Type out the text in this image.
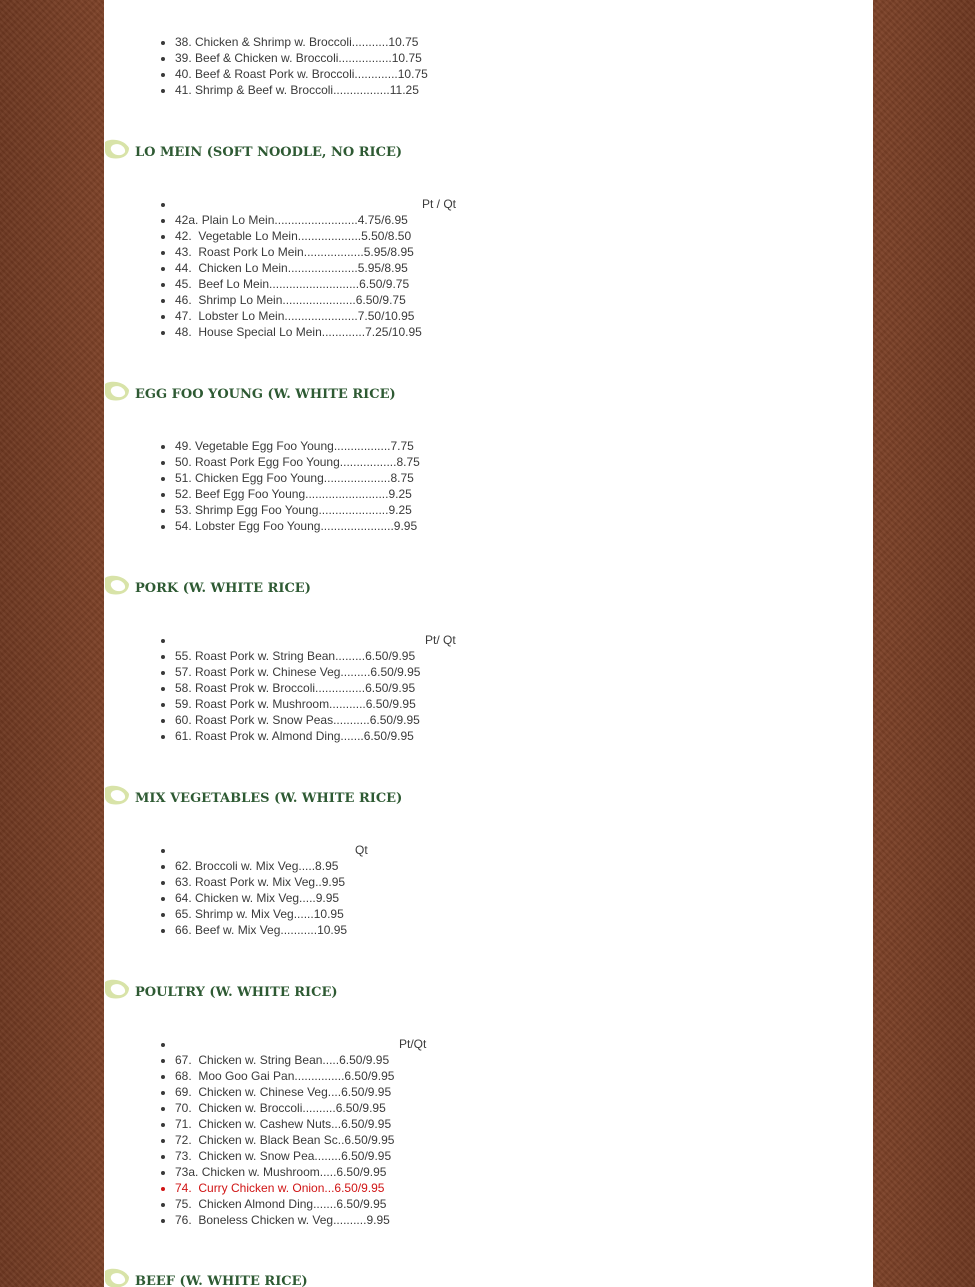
• 38. Chicken & Shrimp w. Broccoli...........10.75
• 39. Beef & Chicken w. Broccoli................10.75
• 40. Beef & Roast Pork w. Broccoli.............10.75
• 41. Shrimp & Beef w. Broccoli.................11.25
LO MEIN (SOFT NOODLE, NO RICE)
• Pt / Qt
• 42a. Plain Lo Mein.........................4.75/6.95
• 42.  Vegetable Lo Mein...................5.50/8.50
• 43.  Roast Pork Lo Mein..................5.95/8.95
• 44.  Chicken Lo Mein.....................5.95/8.95
• 45.  Beef Lo Mein...........................6.50/9.75
• 46.  Shrimp Lo Mein......................6.50/9.75
• 47.  Lobster Lo Mein......................7.50/10.95
• 48.  House Special Lo Mein.............7.25/10.95
EGG FOO YOUNG (W. WHITE RICE)
• 49. Vegetable Egg Foo Young.................7.75
• 50. Roast Pork Egg Foo Young.................8.75
• 51. Chicken Egg Foo Young....................8.75
• 52. Beef Egg Foo Young.........................9.25
• 53. Shrimp Egg Foo Young.....................9.25
• 54. Lobster Egg Foo Young......................9.95
PORK (W. WHITE RICE)
• Pt/ Qt
• 55. Roast Pork w. String Bean.........6.50/9.95
• 57. Roast Pork w. Chinese Veg.........6.50/9.95
• 58. Roast Prok w. Broccoli...............6.50/9.95
• 59. Roast Pork w. Mushroom...........6.50/9.95
• 60. Roast Pork w. Snow Peas...........6.50/9.95
• 61. Roast Prok w. Almond Ding.......6.50/9.95
MIX VEGETABLES (W. WHITE RICE)
• Qt
• 62. Broccoli w. Mix Veg.....8.95
• 63. Roast Pork w. Mix Veg..9.95
• 64. Chicken w. Mix Veg.....9.95
• 65. Shrimp w. Mix Veg......10.95
• 66. Beef w. Mix Veg...........10.95
POULTRY (W. WHITE RICE)
• Pt/Qt
• 67.  Chicken w. String Bean.....6.50/9.95
• 68.  Moo Goo Gai Pan...............6.50/9.95
• 69.  Chicken w. Chinese Veg....6.50/9.95
• 70.  Chicken w. Broccoli..........6.50/9.95
• 71.  Chicken w. Cashew Nuts...6.50/9.95
• 72.  Chicken w. Black Bean Sc..6.50/9.95
• 73.  Chicken w. Snow Pea........6.50/9.95
• 73a. Chicken w. Mushroom.....6.50/9.95
• 74.  Curry Chicken w. Onion...6.50/9.95
• 75.  Chicken Almond Ding.......6.50/9.95
• 76.  Boneless Chicken w. Veg..........9.95
BEEF (W. WHITE RICE)
